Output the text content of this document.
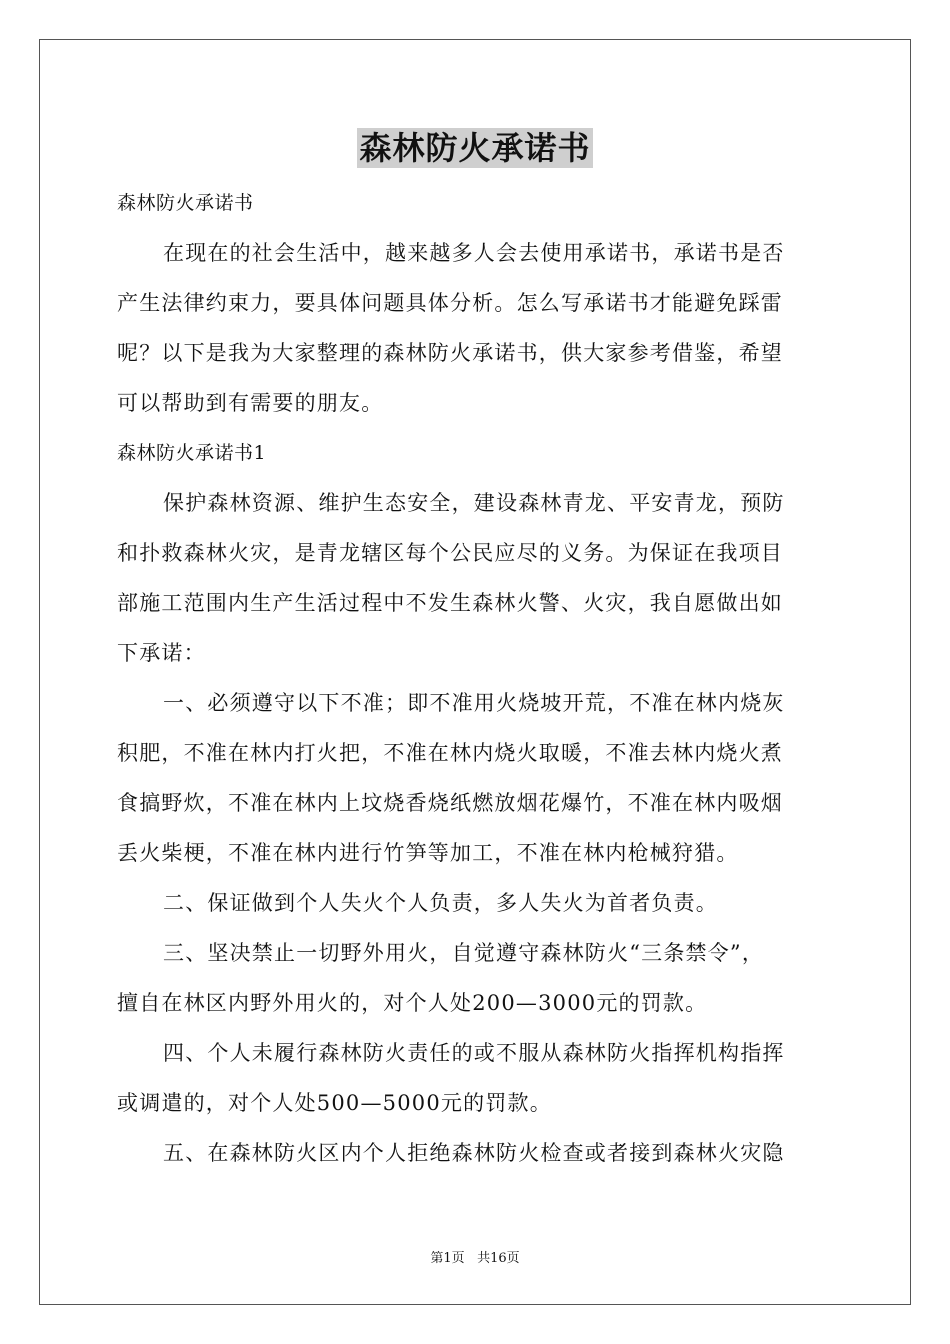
森林防火承诺书
森林防火承诺书
在现在的社会生活中，越来越多人会去使用承诺书，承诺书是否
产生法律约束力，要具体问题具体分析。怎么写承诺书才能避免踩雷
呢？以下是我为大家整理的森林防火承诺书，供大家参考借鉴，希望
可以帮助到有需要的朋友。
森林防火承诺书1
保护森林资源、维护生态安全，建设森林青龙、平安青龙，预防
和扑救森林火灾，是青龙辖区每个公民应尽的义务。为保证在我项目
部施工范围内生产生活过程中不发生森林火警、火灾，我自愿做出如
下承诺：
一、必须遵守以下不准；即不准用火烧坡开荒，不准在林内烧灰
积肥，不准在林内打火把，不准在林内烧火取暖，不准去林内烧火煮
食搞野炊，不准在林内上坟烧香烧纸燃放烟花爆竹，不准在林内吸烟
丢火柴梗，不准在林内进行竹笋等加工，不准在林内枪械狩猎。
二、保证做到个人失火个人负责，多人失火为首者负责。
三、坚决禁止一切野外用火，自觉遵守森林防火“三条禁令”，
擅自在林区内野外用火的，对个人处200—3000元的罚款。
四、个人未履行森林防火责任的或不服从森林防火指挥机构指挥
或调遣的，对个人处500—5000元的罚款。
五、在森林防火区内个人拒绝森林防火检查或者接到森林火灾隐
第1页 共16页
